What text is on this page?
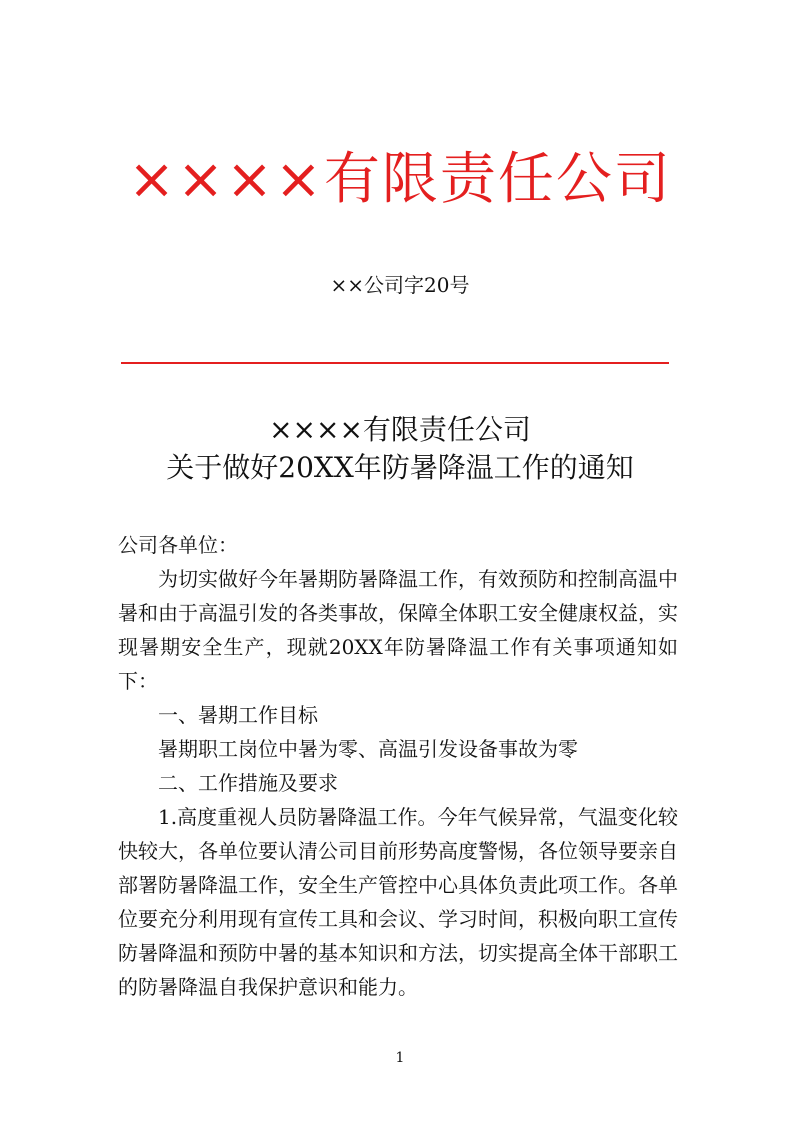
××××有限责任公司
××公司字20号
××××有限责任公司
关于做好20XX年防暑降温工作的通知

公司各单位：

为切实做好今年暑期防暑降温工作，有效预防和控制高温中暑和由于高温引发的各类事故，保障全体职工安全健康权益，实现暑期安全生产，现就20XX年防暑降温工作有关事项通知如下：

一、暑期工作目标

暑期职工岗位中暑为零、高温引发设备事故为零

二、工作措施及要求

1.高度重视人员防暑降温工作。今年气候异常，气温变化较快较大，各单位要认清公司目前形势高度警惕，各位领导要亲自部署防暑降温工作，安全生产管控中心具体负责此项工作。各单位要充分利用现有宣传工具和会议、学习时间，积极向职工宣传防暑降温和预防中暑的基本知识和方法，切实提高全体干部职工的防暑降温自我保护意识和能力。

1
